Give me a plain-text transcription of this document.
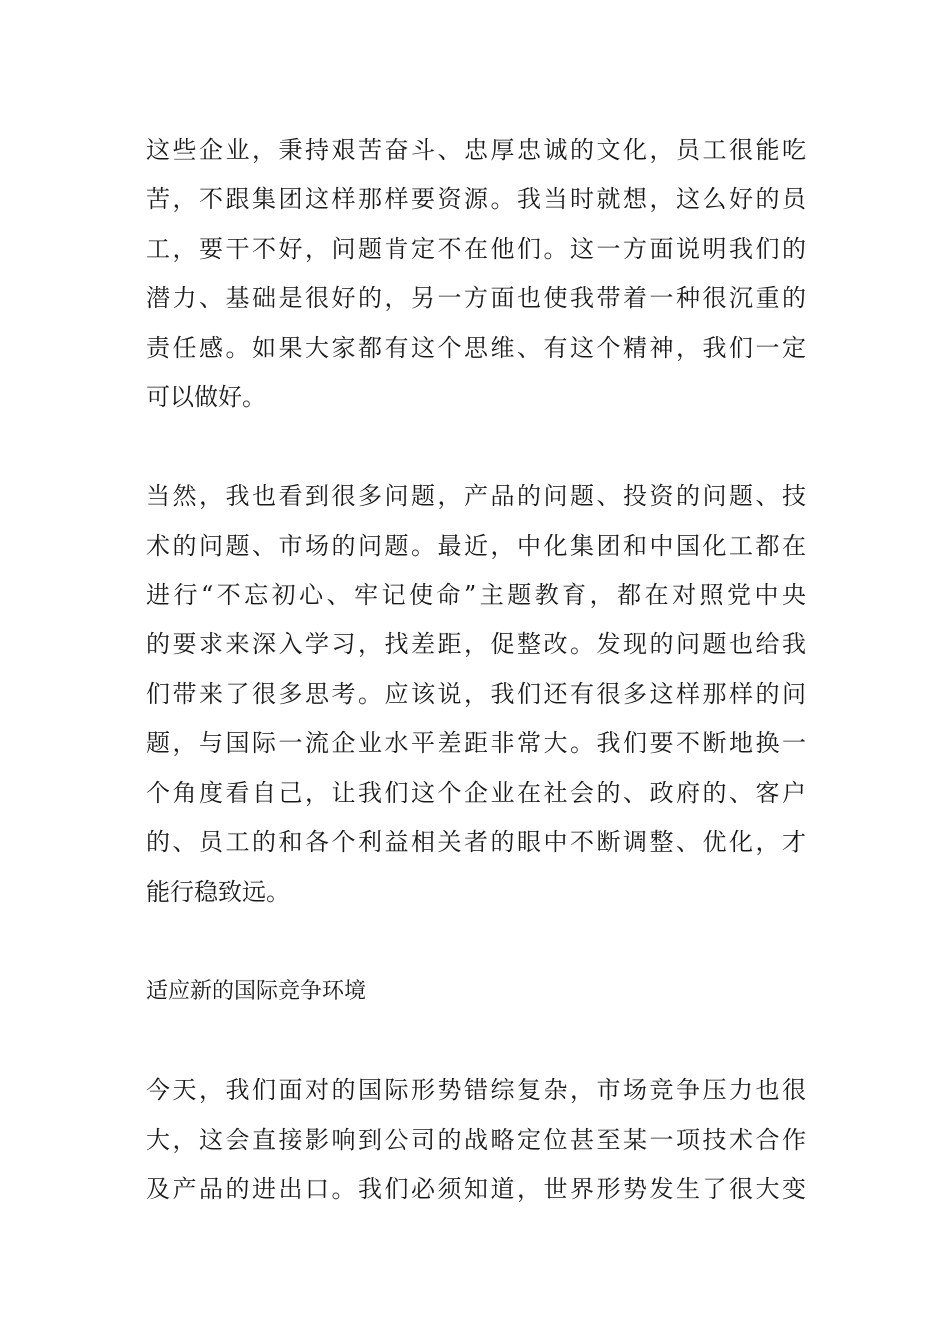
这些企业，秉持艰苦奋斗、忠厚忠诚的文化，员工很能吃
苦，不跟集团这样那样要资源。我当时就想，这么好的员
工，要干不好，问题肯定不在他们。这一方面说明我们的
潜力、基础是很好的，另一方面也使我带着一种很沉重的
责任感。如果大家都有这个思维、有这个精神，我们一定
可以做好。
当然，我也看到很多问题，产品的问题、投资的问题、技
术的问题、市场的问题。最近，中化集团和中国化工都在
进行“不忘初心、牢记使命”主题教育，都在对照党中央
的要求来深入学习，找差距，促整改。发现的问题也给我
们带来了很多思考。应该说，我们还有很多这样那样的问
题，与国际一流企业水平差距非常大。我们要不断地换一
个角度看自己，让我们这个企业在社会的、政府的、客户
的、员工的和各个利益相关者的眼中不断调整、优化，才
能行稳致远。
适应新的国际竞争环境
今天，我们面对的国际形势错综复杂，市场竞争压力也很
大，这会直接影响到公司的战略定位甚至某一项技术合作
及产品的进出口。我们必须知道，世界形势发生了很大变
